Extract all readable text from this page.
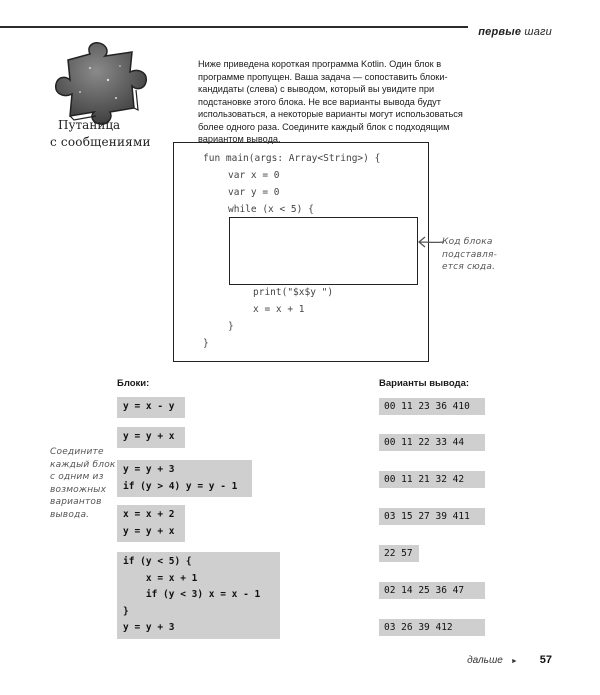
первые шаги
Путаница
с сообщениями
Ниже приведена короткая программа Kotlin. Один блок в программе пропущен. Ваша задача — сопоставить блоки-кандидаты (слева) с выводом, который вы увидите при подстановке этого блока. Не все варианты вывода будут использоваться, а некоторые варианты могут использоваться более одного раза. Соедините каждый блок с подходящим вариантом вывода.
fun main(args: Array<String>) {
var x = 0
var y = 0
while (x < 5) {
print("$x$y ")
x = x + 1
}
}
Код блока
подставля-
ется сюда.
Соедините
каждый блок
с одним из
возможных
вариантов
вывода.
Блоки:	Варианты вывода:
y = x - y
y = y + x
y = y + 3
if (y > 4) y = y - 1
x = x + 2
y = y + x
if (y < 5) {
x = x + 1
if (y < 3) x = x - 1
}
y = y + 3
00 11 23 36 410
00 11 22 33 44
00 11 21 32 42
03 15 27 39 411
22 57
02 14 25 36 47
03 26 39 412
дальше ► 57
